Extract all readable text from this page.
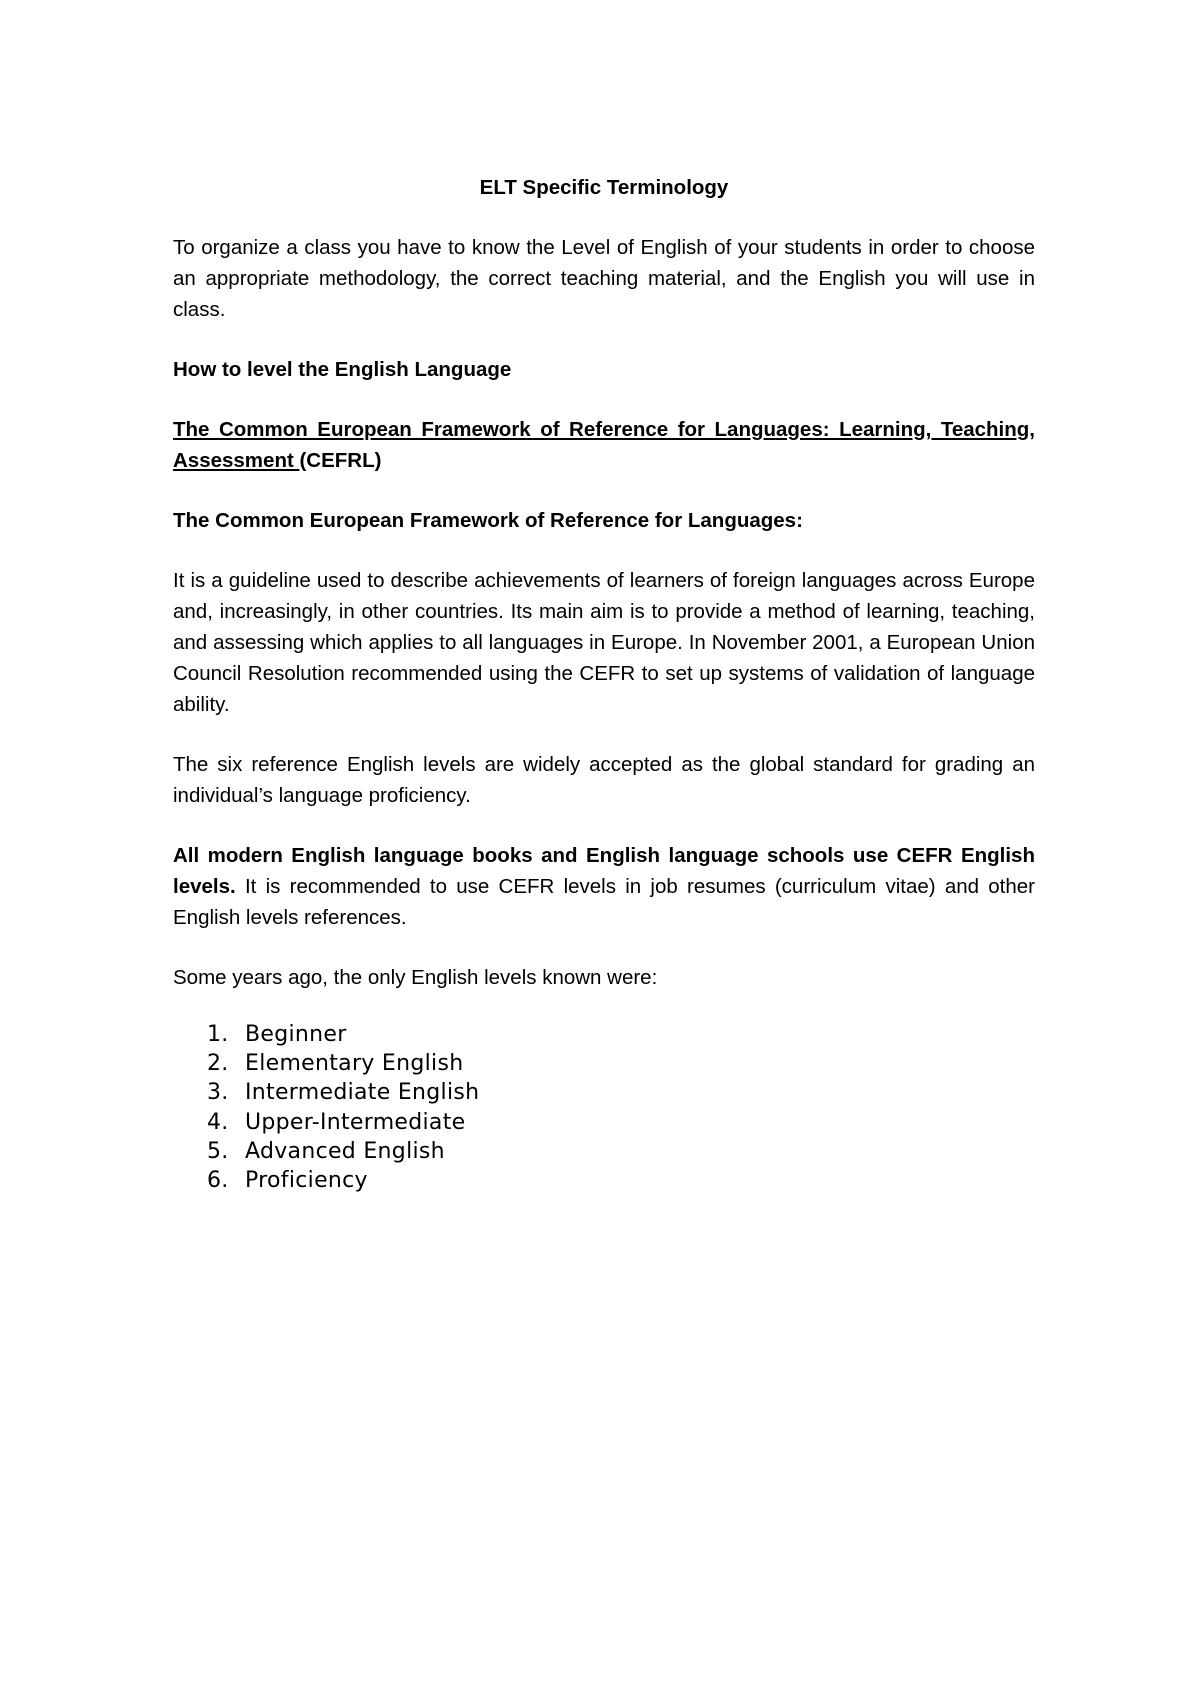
ELT Specific Terminology

To organize a class you have to know the Level of English of your students in order to choose an appropriate methodology, the correct teaching material, and the English you will use in class.

How to level the English Language

The Common European Framework of Reference for Languages: Learning, Teaching, Assessment (CEFRL)

The Common European Framework of Reference for Languages:

It is a guideline used to describe achievements of learners of foreign languages across Europe and, increasingly, in other countries. Its main aim is to provide a method of learning, teaching, and assessing which applies to all languages in Europe. In November 2001, a European Union Council Resolution recommended using the CEFR to set up systems of validation of language ability.

The six reference English levels are widely accepted as the global standard for grading an individual’s language proficiency.

All modern English language books and English language schools use CEFR English levels. It is recommended to use CEFR levels in job resumes (curriculum vitae) and other English levels references.

Some years ago, the only English levels known were:

1. Beginner
2. Elementary English
3. Intermediate English
4. Upper-Intermediate
5. Advanced English
6. Proficiency
